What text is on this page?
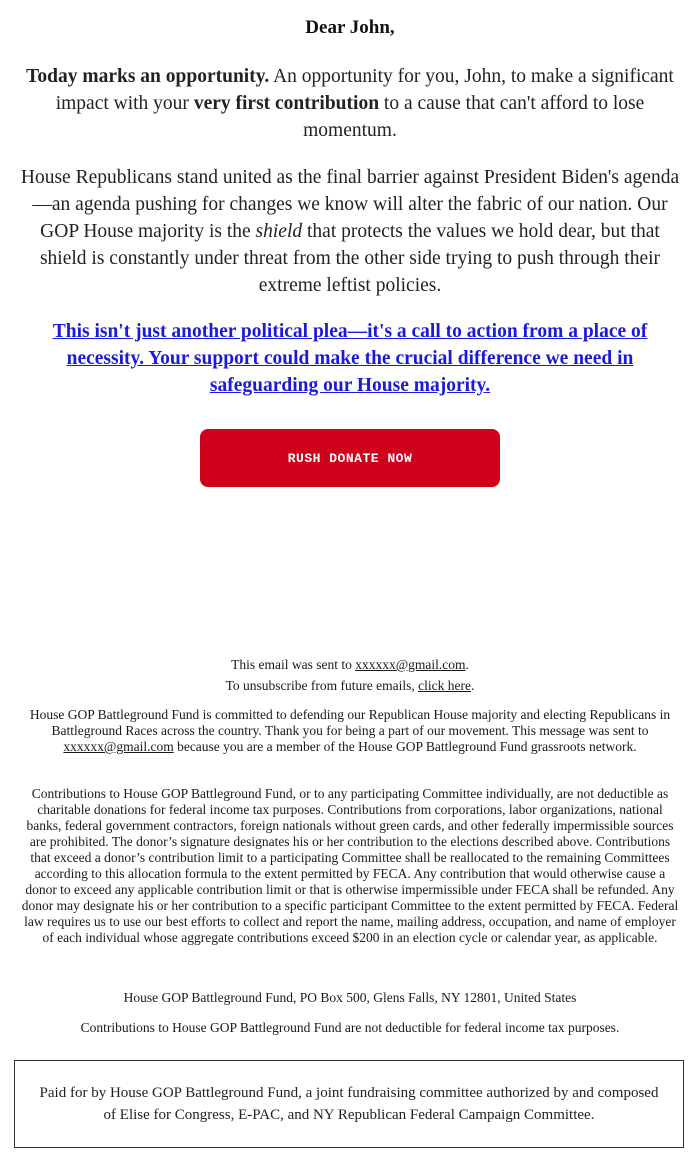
Dear John,
Today marks an opportunity. An opportunity for you, John, to make a significant impact with your very first contribution to a cause that can't afford to lose momentum.
House Republicans stand united as the final barrier against President Biden's agenda—an agenda pushing for changes we know will alter the fabric of our nation. Our GOP House majority is the shield that protects the values we hold dear, but that shield is constantly under threat from the other side trying to push through their extreme leftist policies.
This isn't just another political plea—it's a call to action from a place of necessity. Your support could make the crucial difference we need in safeguarding our House majority.
RUSH DONATE NOW
This email was sent to xxxxxx@gmail.com.
To unsubscribe from future emails, click here.
House GOP Battleground Fund is committed to defending our Republican House majority and electing Republicans in Battleground Races across the country. Thank you for being a part of our movement. This message was sent to xxxxxx@gmail.com because you are a member of the House GOP Battleground Fund grassroots network.
Contributions to House GOP Battleground Fund, or to any participating Committee individually, are not deductible as charitable donations for federal income tax purposes. Contributions from corporations, labor organizations, national banks, federal government contractors, foreign nationals without green cards, and other federally impermissible sources are prohibited. The donor’s signature designates his or her contribution to the elections described above. Contributions that exceed a donor’s contribution limit to a participating Committee shall be reallocated to the remaining Committees according to this allocation formula to the extent permitted by FECA. Any contribution that would otherwise cause a donor to exceed any applicable contribution limit or that is otherwise impermissible under FECA shall be refunded. Any donor may designate his or her contribution to a specific participant Committee to the extent permitted by FECA. Federal law requires us to use our best efforts to collect and report the name, mailing address, occupation, and name of employer of each individual whose aggregate contributions exceed $200 in an election cycle or calendar year, as applicable.
House GOP Battleground Fund, PO Box 500, Glens Falls, NY 12801, United States
Contributions to House GOP Battleground Fund are not deductible for federal income tax purposes.
Paid for by House GOP Battleground Fund, a joint fundraising committee authorized by and composed of Elise for Congress, E-PAC, and NY Republican Federal Campaign Committee.
